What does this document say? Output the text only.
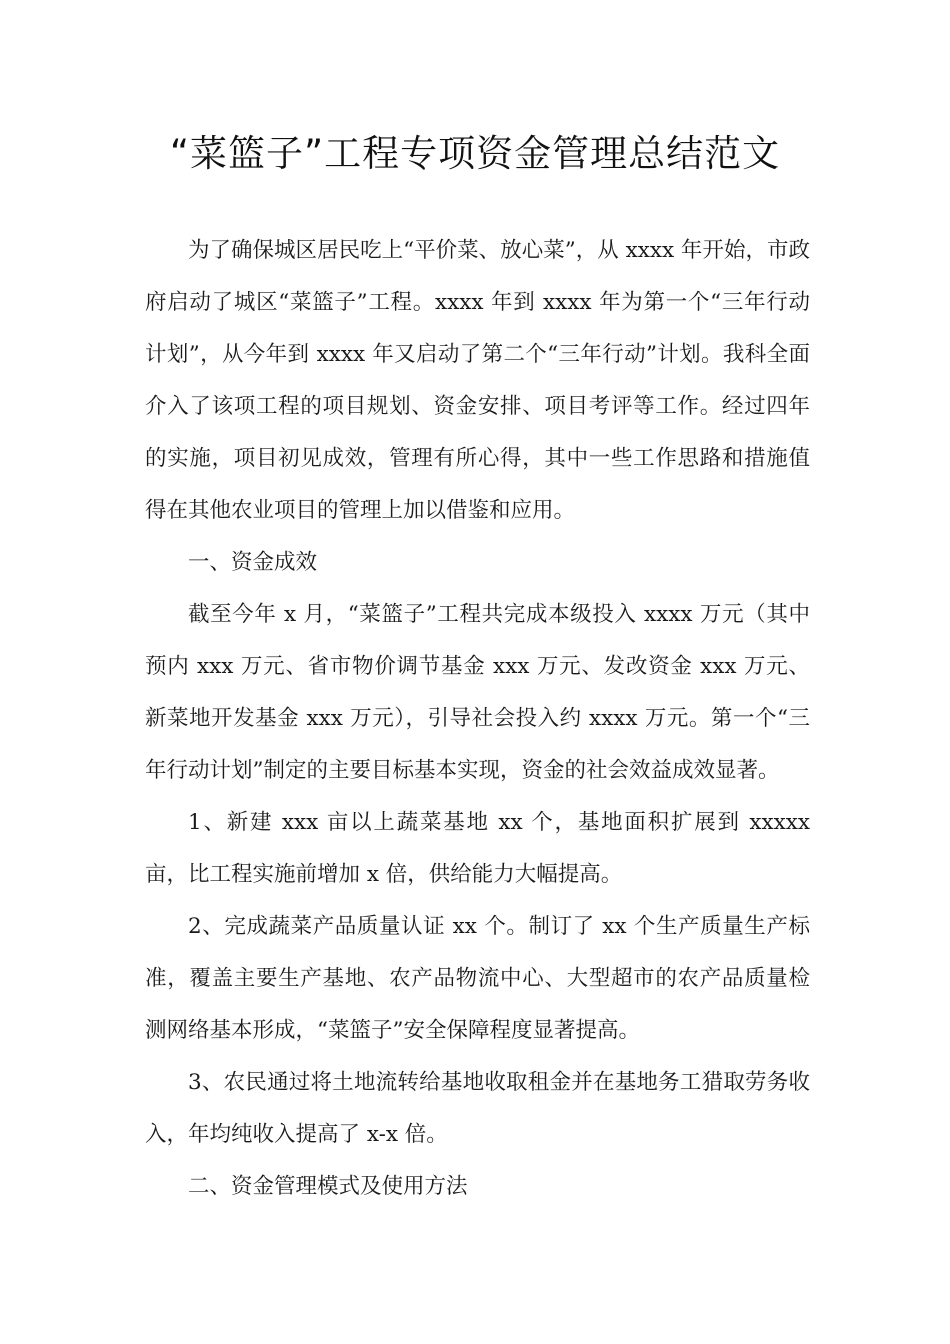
“菜篮子”工程专项资金管理总结范文

为了确保城区居民吃上“平价菜、放心菜”，从 xxxx 年开始，市政府启动了城区“菜篮子”工程。xxxx 年到 xxxx 年为第一个“三年行动计划”，从今年到 xxxx 年又启动了第二个“三年行动”计划。我科全面介入了该项工程的项目规划、资金安排、项目考评等工作。经过四年的实施，项目初见成效，管理有所心得，其中一些工作思路和措施值得在其他农业项目的管理上加以借鉴和应用。

一、资金成效

截至今年 x 月，“菜篮子”工程共完成本级投入 xxxx 万元（其中预内 xxx 万元、省市物价调节基金 xxx 万元、发改资金 xxx 万元、新菜地开发基金 xxx 万元），引导社会投入约 xxxx 万元。第一个“三年行动计划”制定的主要目标基本实现，资金的社会效益成效显著。

1、新建 xxx 亩以上蔬菜基地 xx 个，基地面积扩展到 xxxxx 亩，比工程实施前增加 x 倍，供给能力大幅提高。

2、完成蔬菜产品质量认证 xx 个。制订了 xx 个生产质量生产标准，覆盖主要生产基地、农产品物流中心、大型超市的农产品质量检测网络基本形成，“菜篮子”安全保障程度显著提高。

3、农民通过将土地流转给基地收取租金并在基地务工猎取劳务收入，年均纯收入提高了 x-x 倍。

二、资金管理模式及使用方法
